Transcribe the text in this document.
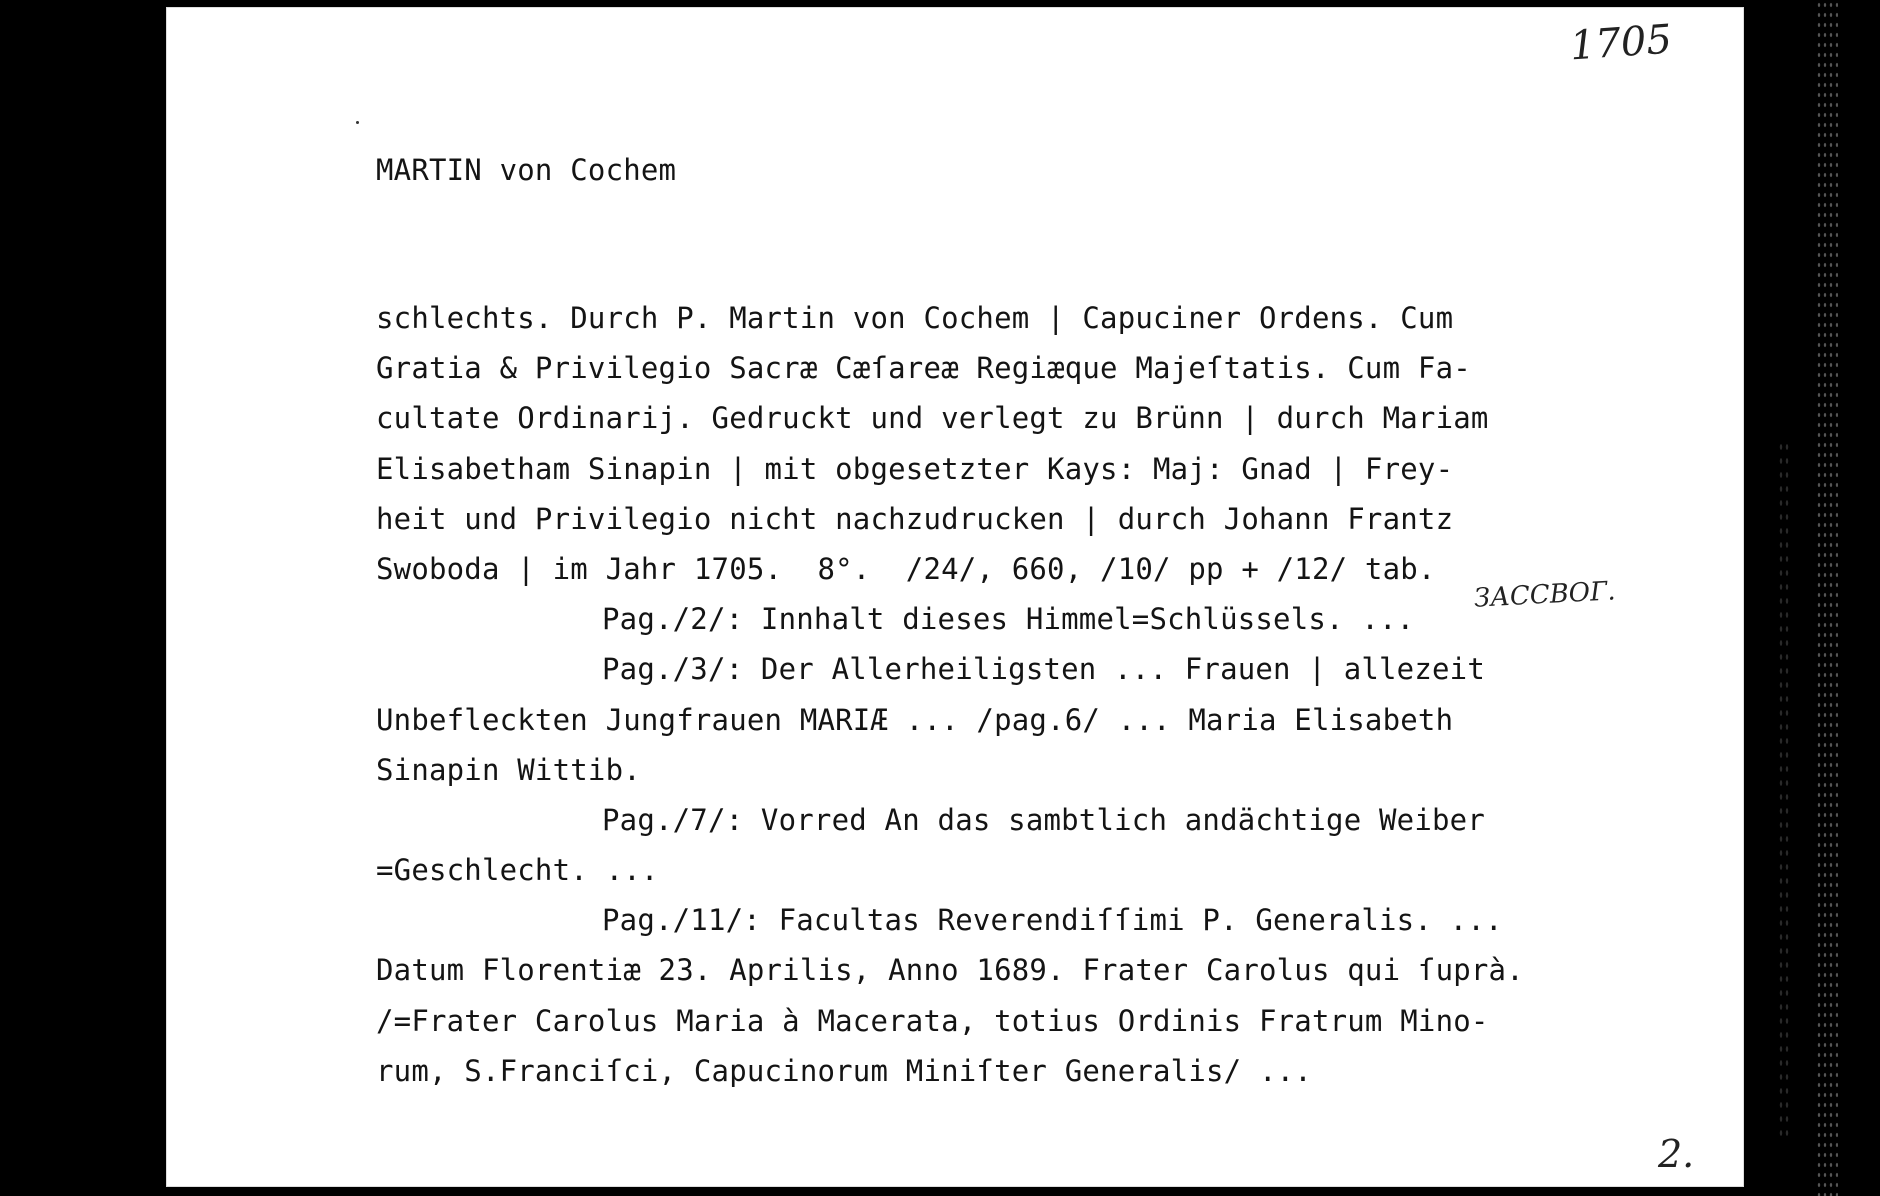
1705
MARTIN von Cochem
schlechts. Durch P. Martin von Cochem | Capuciner Ordens. Cum
Gratia & Privilegio Sacræ Cæſareæ Regiæque Majeſtatis. Cum Fa-
cultate Ordinarij. Gedruckt und verlegt zu Brünn | durch Mariam
Elisabetham Sinapin | mit obgesetzter Kays: Maj: Gnad | Frey-
heit und Privilegio nicht nachzudrucken | durch Johann Frantz
Swoboda | im Jahr 1705.  8°.  /24/, 660, /10/ pp + /12/ tab.
Pag./2/: Innhalt dieses Himmel=Schlüssels. ...
Pag./3/: Der Allerheiligsten ... Frauen | allezeit
Unbefleckten Jungfrauen MARIÆ ... /pag.6/ ... Maria Elisabeth
Sinapin Wittib.
Pag./7/: Vorred An das sambtlich andächtige Weiber
=Geschlecht. ...
Pag./11/: Facultas Reverendiſſimi P. Generalis. ...
Datum Florentiæ 23. Aprilis, Anno 1689. Frater Carolus qui ſuprà.
/=Frater Carolus Maria à Macerata, totius Ordinis Fratrum Mino-
rum, S.Franciſci, Capucinorum Miniſter Generalis/ ...
ЗАССВОГ.
2.
